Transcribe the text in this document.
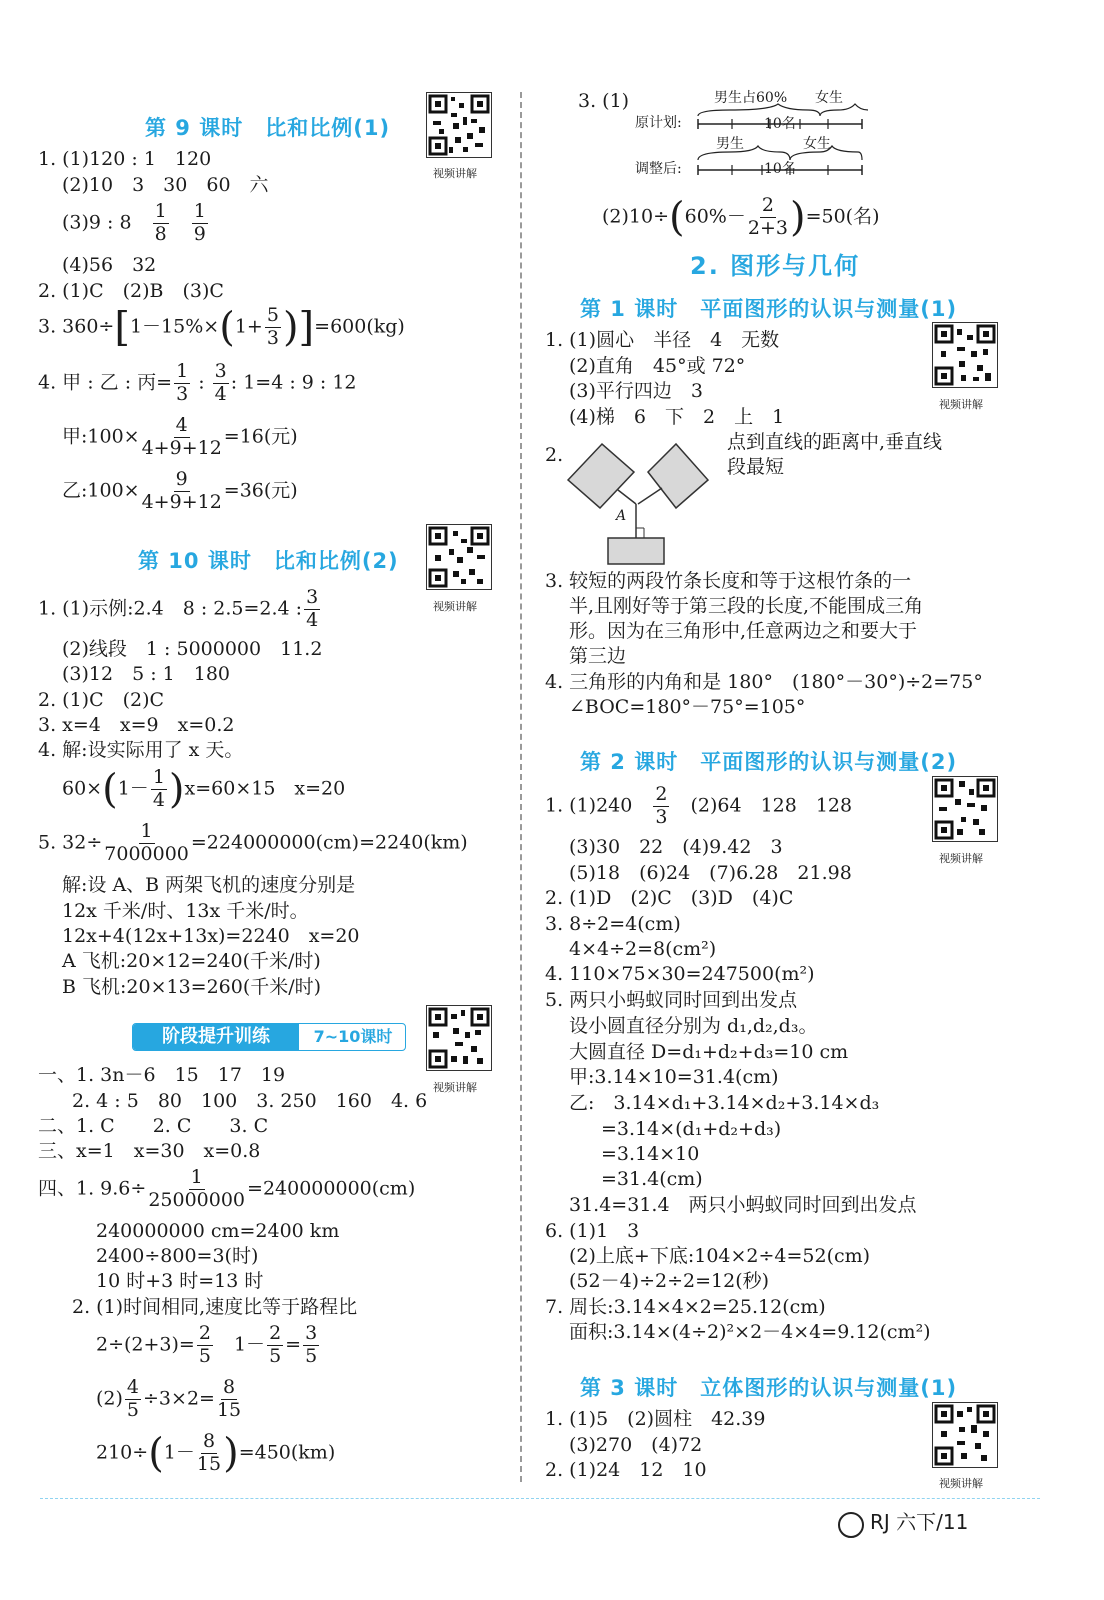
第 9 课时　比和比例(1)
视频讲解
1. (1)120 : 1　120
(2)10　3　30　60　六
(3)9 : 8　 $\frac{1}{8}$
　 $\frac{1}{9}$
(4)56　32
2. (1)C　(2)B　(3)C
3. $360\div[1-15\%\times(1+ \frac{5}{3} )]=600(kg)$
4. 甲 : 乙 : 丙= $\frac{1}{3}$ : $\frac{3}{4}$ : 1=4 : 9 : 12
甲:100× $\frac{4}{4+9+12} =16$(元)
乙:100× $\frac{9}{4+9+12} =36$(元)
第 10 课时　比和比例(2)
视频讲解
1. (1)示例:2.4　8 : 2.5=2.4 : $\frac{3}{4}$
(2)线段　1 : 5000000　11.2
(3)12　5 : 1　180
2. (1)C　(2)C
3. x=4　x=9　x=0.2
4. 解:设实际用了 x 天。
$60\times(1- \frac{1}{4} )x=60\times 15$　x=20
5. $32\div \frac{1}{7000000} =224000000(cm)=2240(km)$
解:设 A、B 两架飞机的速度分别是
12x 千米/时、13x 千米/时。
12x+4(12x+13x)=2240　x=20
A 飞机:20×12=240(千米/时)
B 飞机:20×13=260(千米/时)
阶段提升训练	7~10课时
视频讲解
一、1. 3n－6　15　17　19
2. 4 : 5　80　100　3. 250　160　4. 6
二、1. C　　2. C　　3. C
三、x=1　x=30　x=0.8
四、1. $9.6\div \frac{1}{25000000} =240000000(cm)$
240000000 cm=2400 km
2400÷800=3(时)
10 时+3 时=13 时
2. (1)时间相同,速度比等于路程比
$2\div(2+3)= \frac{2}{5}$
　 $1- \frac{2}{5} = \frac{3}{5}$
$(2) \frac{4}{5} \div 3\times 2= \frac{8}{15}$
$210\div(1- \frac{8}{15} )=450(km)$
3. (1)
原计划:
调整后:
男生占60% 女生
10名
男生	女生
10名
$(2)10\div(60\%- \frac{2}{2+3} )=50$(名)
2. 图形与几何
第 1 课时　平面图形的认识与测量(1)
视频讲解
1. (1)圆心　半径　4　无数
(2)直角　45°或 72°
(3)平行四边　3
(4)梯　6　下　2　上　1
2.
点到直线的距离中,垂直线
段最短
A
3. 较短的两段竹条长度和等于这根竹条的一
半,且刚好等于第三段的长度,不能围成三角
形。因为在三角形中,任意两边之和要大于
第三边
4. 三角形的内角和是 180°　(180°－30°)÷2=75°
∠BOC=180°－75°=105°
第 2 课时　平面图形的认识与测量(2)
视频讲解
1. (1)240　 $\frac{2}{3}$
　 (2)64　128　128
(3)30　22　(4)9.42　3
(5)18　(6)24　(7)6.28　21.98
2. (1)D　(2)C　(3)D　(4)C
3. 8÷2=4(cm)
4×4÷2=8(cm²)
4. 110×75×30=247500(m²)
5. 两只小蚂蚁同时回到出发点
设小圆直径分别为 d₁,d₂,d₃。
大圆直径 D=d₁+d₂+d₃=10 cm
甲:3.14×10=31.4(cm)
乙:　3.14×d₁+3.14×d₂+3.14×d₃
=3.14×(d₁+d₂+d₃)
=3.14×10
=31.4(cm)
31.4=31.4　两只小蚂蚁同时回到出发点
6. (1)1　3
(2)上底+下底:104×2÷4=52(cm)
(52－4)÷2÷2=12(秒)
7. 周长:3.14×4×2=25.12(cm)
面积:3.14×(4÷2)²×2－4×4=9.12(cm²)
第 3 课时　立体图形的认识与测量(1)
视频讲解
1. (1)5　(2)圆柱　42.39
(3)270　(4)72
2. (1)24　12　10
RJ 六下/11
